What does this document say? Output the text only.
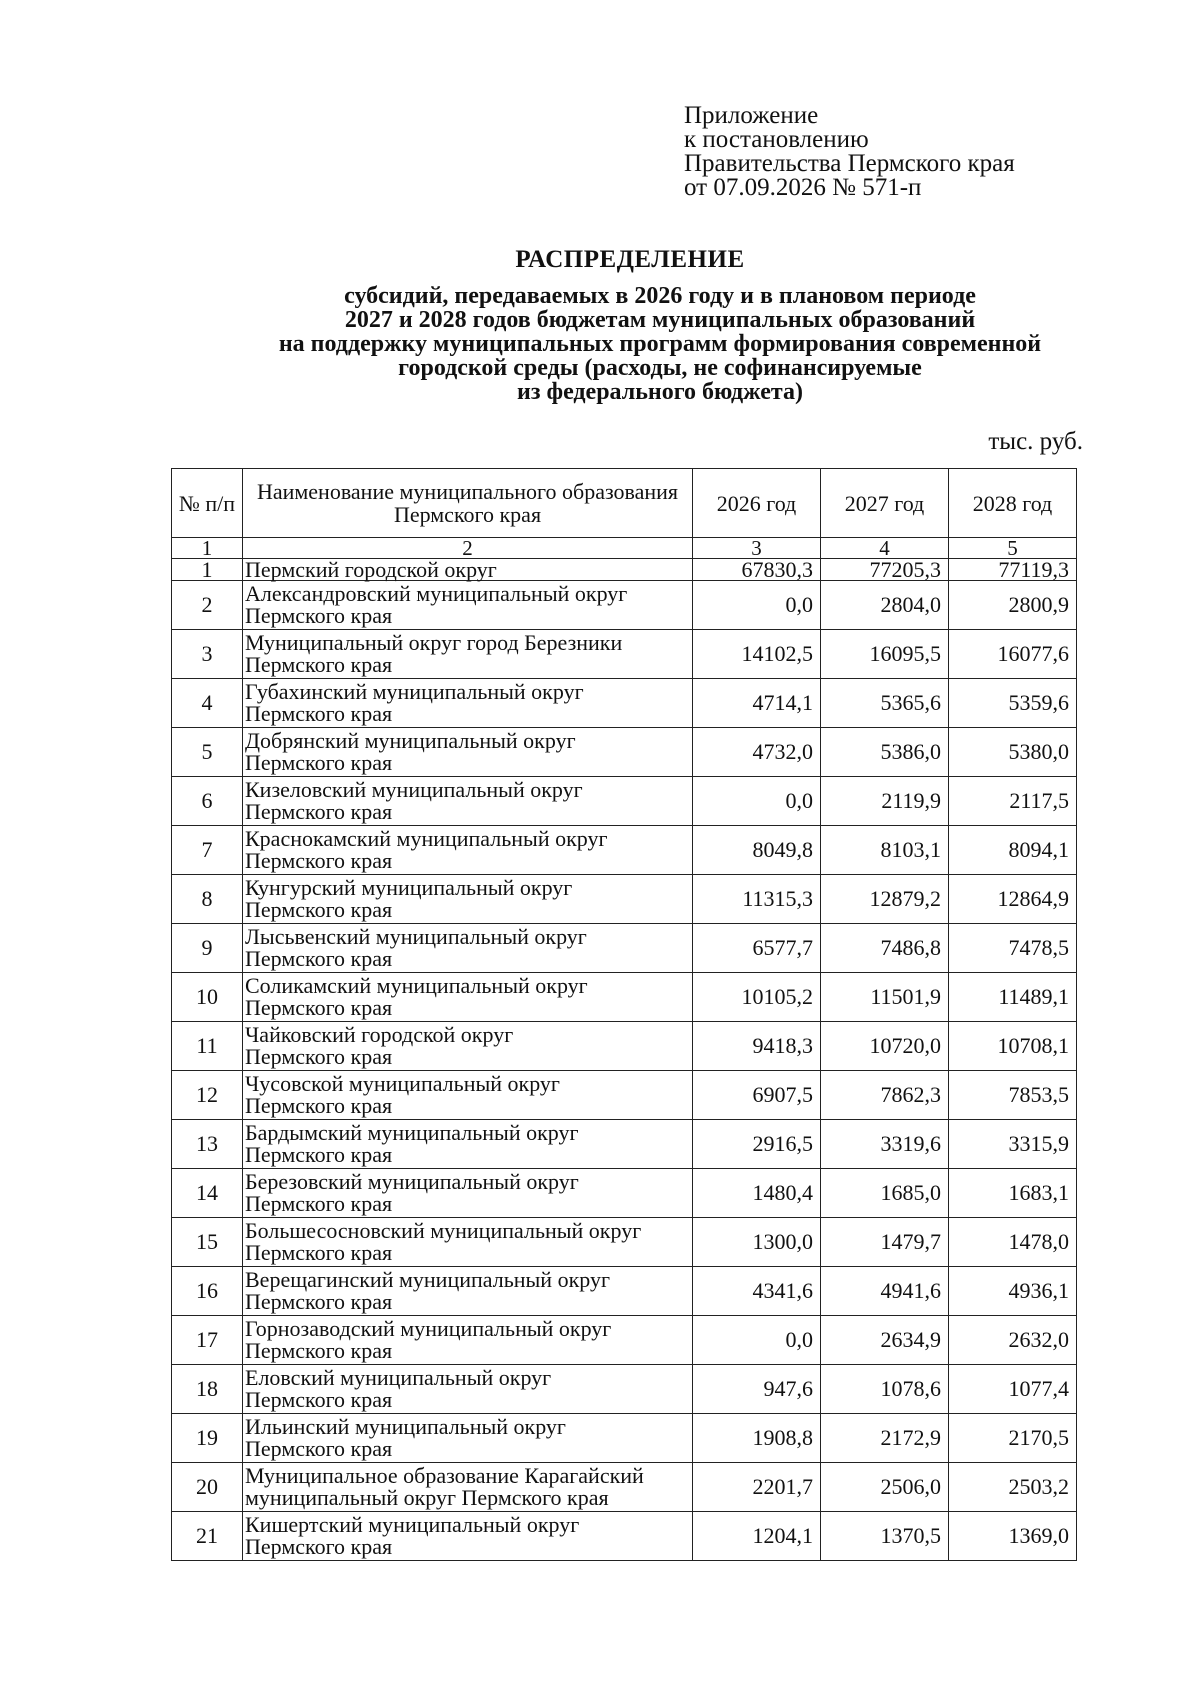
Приложение
к постановлению
Правительства Пермского края
от 07.09.2026 № 571-п
РАСПРЕДЕЛЕНИЕ
субсидий, передаваемых в 2026 году и в плановом периоде
2027 и 2028 годов бюджетам муниципальных образований
на поддержку муниципальных программ формирования современной
городской среды (расходы, не софинансируемые
из федерального бюджета)
тыс. руб.
№ п/п	Наименование муниципального образования Пермского края	2026 год	2027 год	2028 год
1	2	3	4	5
1	Пермский городской округ	67830,3	77205,3	77119,3
2	Александровский муниципальный округ
Пермского края	0,0	2804,0	2800,9
3	Муниципальный округ город Березники
Пермского края	14102,5	16095,5	16077,6
4	Губахинский муниципальный округ
Пермского края	4714,1	5365,6	5359,6
5	Добрянский муниципальный округ
Пермского края	4732,0	5386,0	5380,0
6	Кизеловский муниципальный округ
Пермского края	0,0	2119,9	2117,5
7	Краснокамский муниципальный округ
Пермского края	8049,8	8103,1	8094,1
8	Кунгурский муниципальный округ
Пермского края	11315,3	12879,2	12864,9
9	Лысьвенский муниципальный округ
Пермского края	6577,7	7486,8	7478,5
10	Соликамский муниципальный округ
Пермского края	10105,2	11501,9	11489,1
11	Чайковский городской округ
Пермского края	9418,3	10720,0	10708,1
12	Чусовской муниципальный округ
Пермского края	6907,5	7862,3	7853,5
13	Бардымский муниципальный округ
Пермского края	2916,5	3319,6	3315,9
14	Березовский муниципальный округ
Пермского края	1480,4	1685,0	1683,1
15	Большесосновский муниципальный округ
Пермского края	1300,0	1479,7	1478,0
16	Верещагинский муниципальный округ
Пермского края	4341,6	4941,6	4936,1
17	Горнозаводский муниципальный округ
Пермского края	0,0	2634,9	2632,0
18	Еловский муниципальный округ
Пермского края	947,6	1078,6	1077,4
19	Ильинский муниципальный округ
Пермского края	1908,8	2172,9	2170,5
20	Муниципальное образование Карагайский
муниципальный округ Пермского края	2201,7	2506,0	2503,2
21	Кишертский муниципальный округ
Пермского края	1204,1	1370,5	1369,0
